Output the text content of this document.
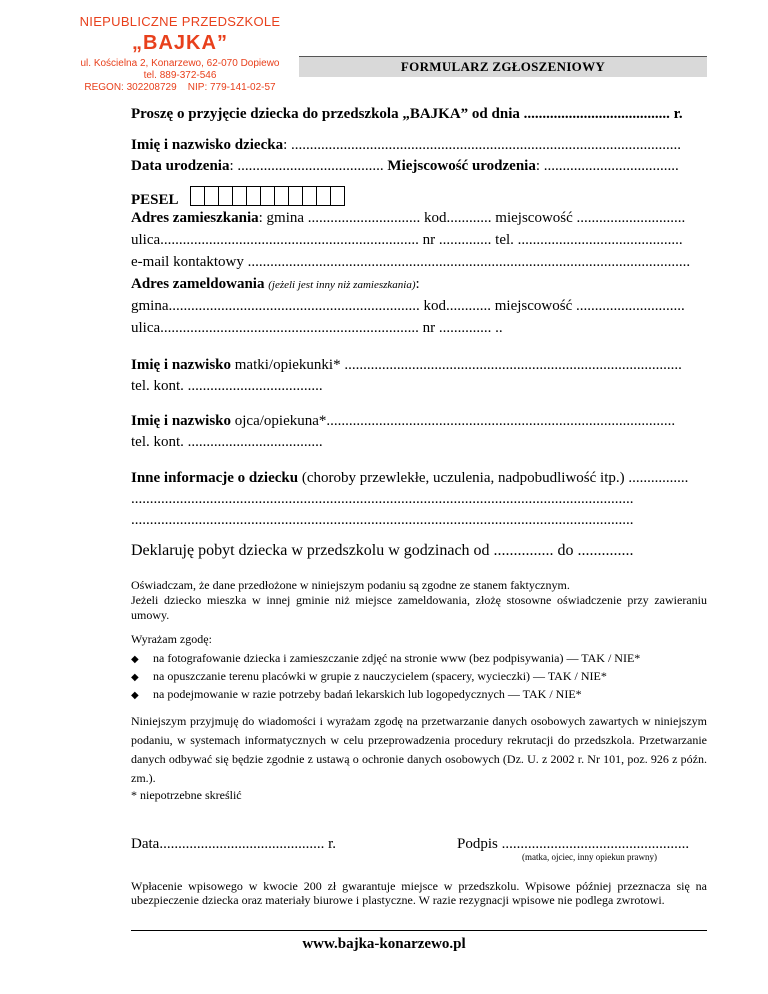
NIEPUBLICZNE PRZEDSZKOLE
„BAJKA”
ul. Kościelna 2, Konarzewo, 62-070 Dopiewo
tel. 889-372-546
REGON: 302208729    NIP: 779-141-02-57
FORMULARZ ZGŁOSZENIOWY
Proszę o przyjęcie dziecka do przedszkola „BAJKA” od dnia ....................................... r.
Imię i nazwisko dziecka: ........................................................................................................
Data urodzenia: ....................................... Miejscowość urodzenia: ....................................
PESEL
Adres zamieszkania: gmina .............................. kod............ miejscowość .............................
ulica..................................................................... nr .............. tel. ............................................
e-mail kontaktowy ......................................................................................................................
Adres zameldowania (jeżeli jest inny niż zamieszkania):
gmina................................................................... kod............ miejscowość .............................
ulica..................................................................... nr .............. ..
Imię i nazwisko matki/opiekunki* ..........................................................................................
tel. kont. ....................................
Imię i nazwisko ojca/opiekuna*.............................................................................................
tel. kont. ....................................
Inne informacje o dziecku (choroby przewlekłe, uczulenia, nadpobudliwość itp.) ................
......................................................................................................................................
......................................................................................................................................
Deklaruję pobyt dziecka w przedszkolu w godzinach od ............... do ..............
Oświadczam, że dane przedłożone w niniejszym podaniu są zgodne ze stanem faktycznym.
Jeżeli dziecko mieszka w innej gminie niż miejsce zameldowania, złożę stosowne oświadczenie przy zawieraniu umowy.
Wyrażam zgodę:
◆ na fotografowanie dziecka i zamieszczanie zdjęć na stronie www (bez podpisywania) — TAK / NIE*
◆ na opuszczanie terenu placówki w grupie z nauczycielem (spacery, wycieczki) — TAK / NIE*
◆ na podejmowanie w razie potrzeby badań lekarskich lub logopedycznych — TAK / NIE*
Niniejszym przyjmuję do wiadomości i wyrażam zgodę na przetwarzanie danych osobowych zawartych w niniejszym podaniu, w systemach informatycznych w celu przeprowadzenia procedury rekrutacji do przedszkola. Przetwarzanie danych odbywać się będzie zgodnie z ustawą o ochronie danych osobowych (Dz. U. z 2002 r. Nr 101, poz. 926 z późn. zm.).
* niepotrzebne skreślić
Data............................................ r.	Podpis ..................................................
(matka, ojciec, inny opiekun prawny)
Wpłacenie wpisowego w kwocie 200 zł gwarantuje miejsce w przedszkolu. Wpisowe później przeznacza się na ubezpieczenie dziecka oraz materiały biurowe i plastyczne. W razie rezygnacji wpisowe nie podlega zwrotowi.
www.bajka-konarzewo.pl
